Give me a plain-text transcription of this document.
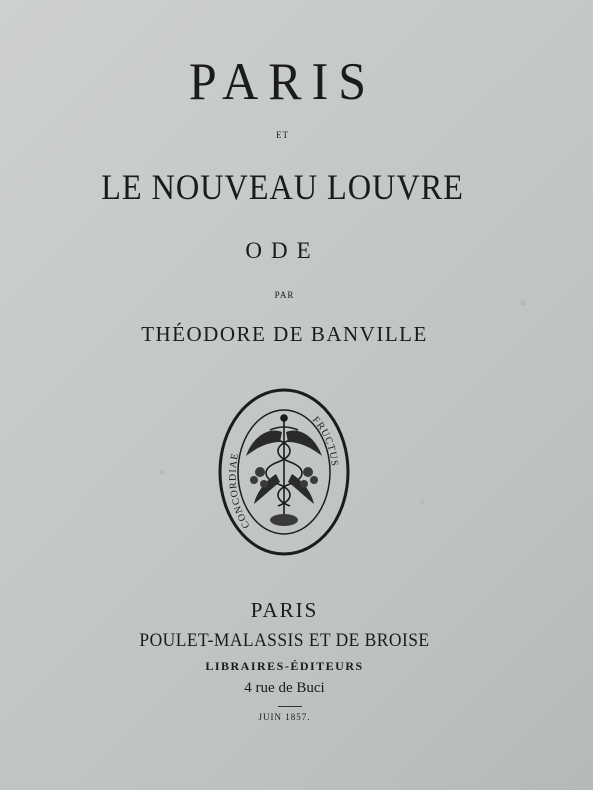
PARIS
ET
LE NOUVEAU LOUVRE
ODE
PAR
THÉODORE DE BANVILLE
CONCORDIAE
FRUCTUS
PARIS
POULET-MALASSIS ET DE BROISE
LIBRAIRES-ÉDITEURS
4 rue de Buci
JUIN 1857.
